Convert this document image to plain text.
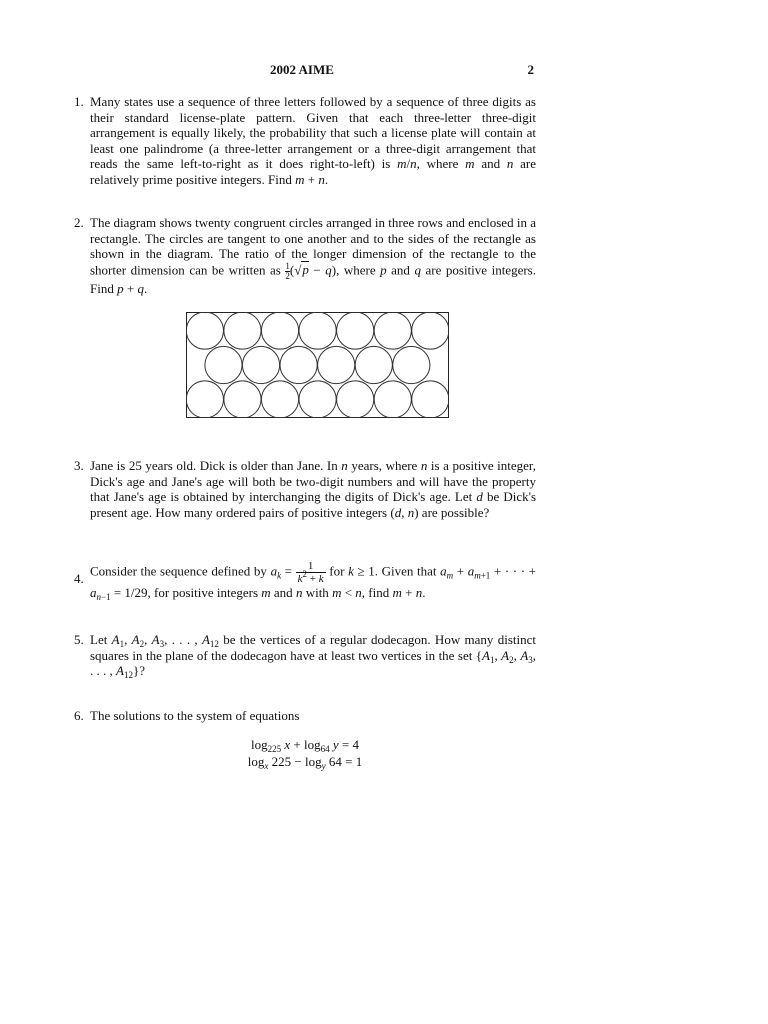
2002 AIME	2
1. Many states use a sequence of three letters followed by a sequence of three digits as their standard license-plate pattern. Given that each three-letter three-digit arrangement is equally likely, the probability that such a license plate will contain at least one palindrome (a three-letter arrangement or a three-digit arrangement that reads the same left-to-right as it does right-to-left) is m/n, where m and n are relatively prime positive integers. Find m + n.
2. The diagram shows twenty congruent circles arranged in three rows and enclosed in a rectangle. The circles are tangent to one another and to the sides of the rectangle as shown in the diagram. The ratio of the longer dimension of the rectangle to the shorter dimension can be written as $\frac{1}{2} (√p - q)$, where p and q are positive integers. Find p + q.
3. Jane is 25 years old. Dick is older than Jane. In n years, where n is a positive integer, Dick's age and Jane's age will both be two-digit numbers and will have the property that Jane's age is obtained by interchanging the digits of Dick's age. Let d be Dick's present age. How many ordered pairs of positive integers (d, n) are possible?
4.
Consider the sequence defined by $a_k = \frac{1}{k^2 + k}$ for k ≥ 1. Given that $a_m + a_{m+1}$ + · · · + $a_{n-1} = 1/29$, for positive integers m and n with m < n, find m + n.
5. Let $A_1$, $A_2$, $A_3$, . . . , $A_{12}$ be the vertices of a regular dodecagon. How many distinct squares in the plane of the dodecagon have at least two vertices in the set {$A_1$, $A_2$, $A_3$, . . . , $A_{12}$}?
6. The solutions to the system of equations
$\log_{225} x + \log_{64} y = 4$
$\log_x 225 - \log_y 64 = 1$
